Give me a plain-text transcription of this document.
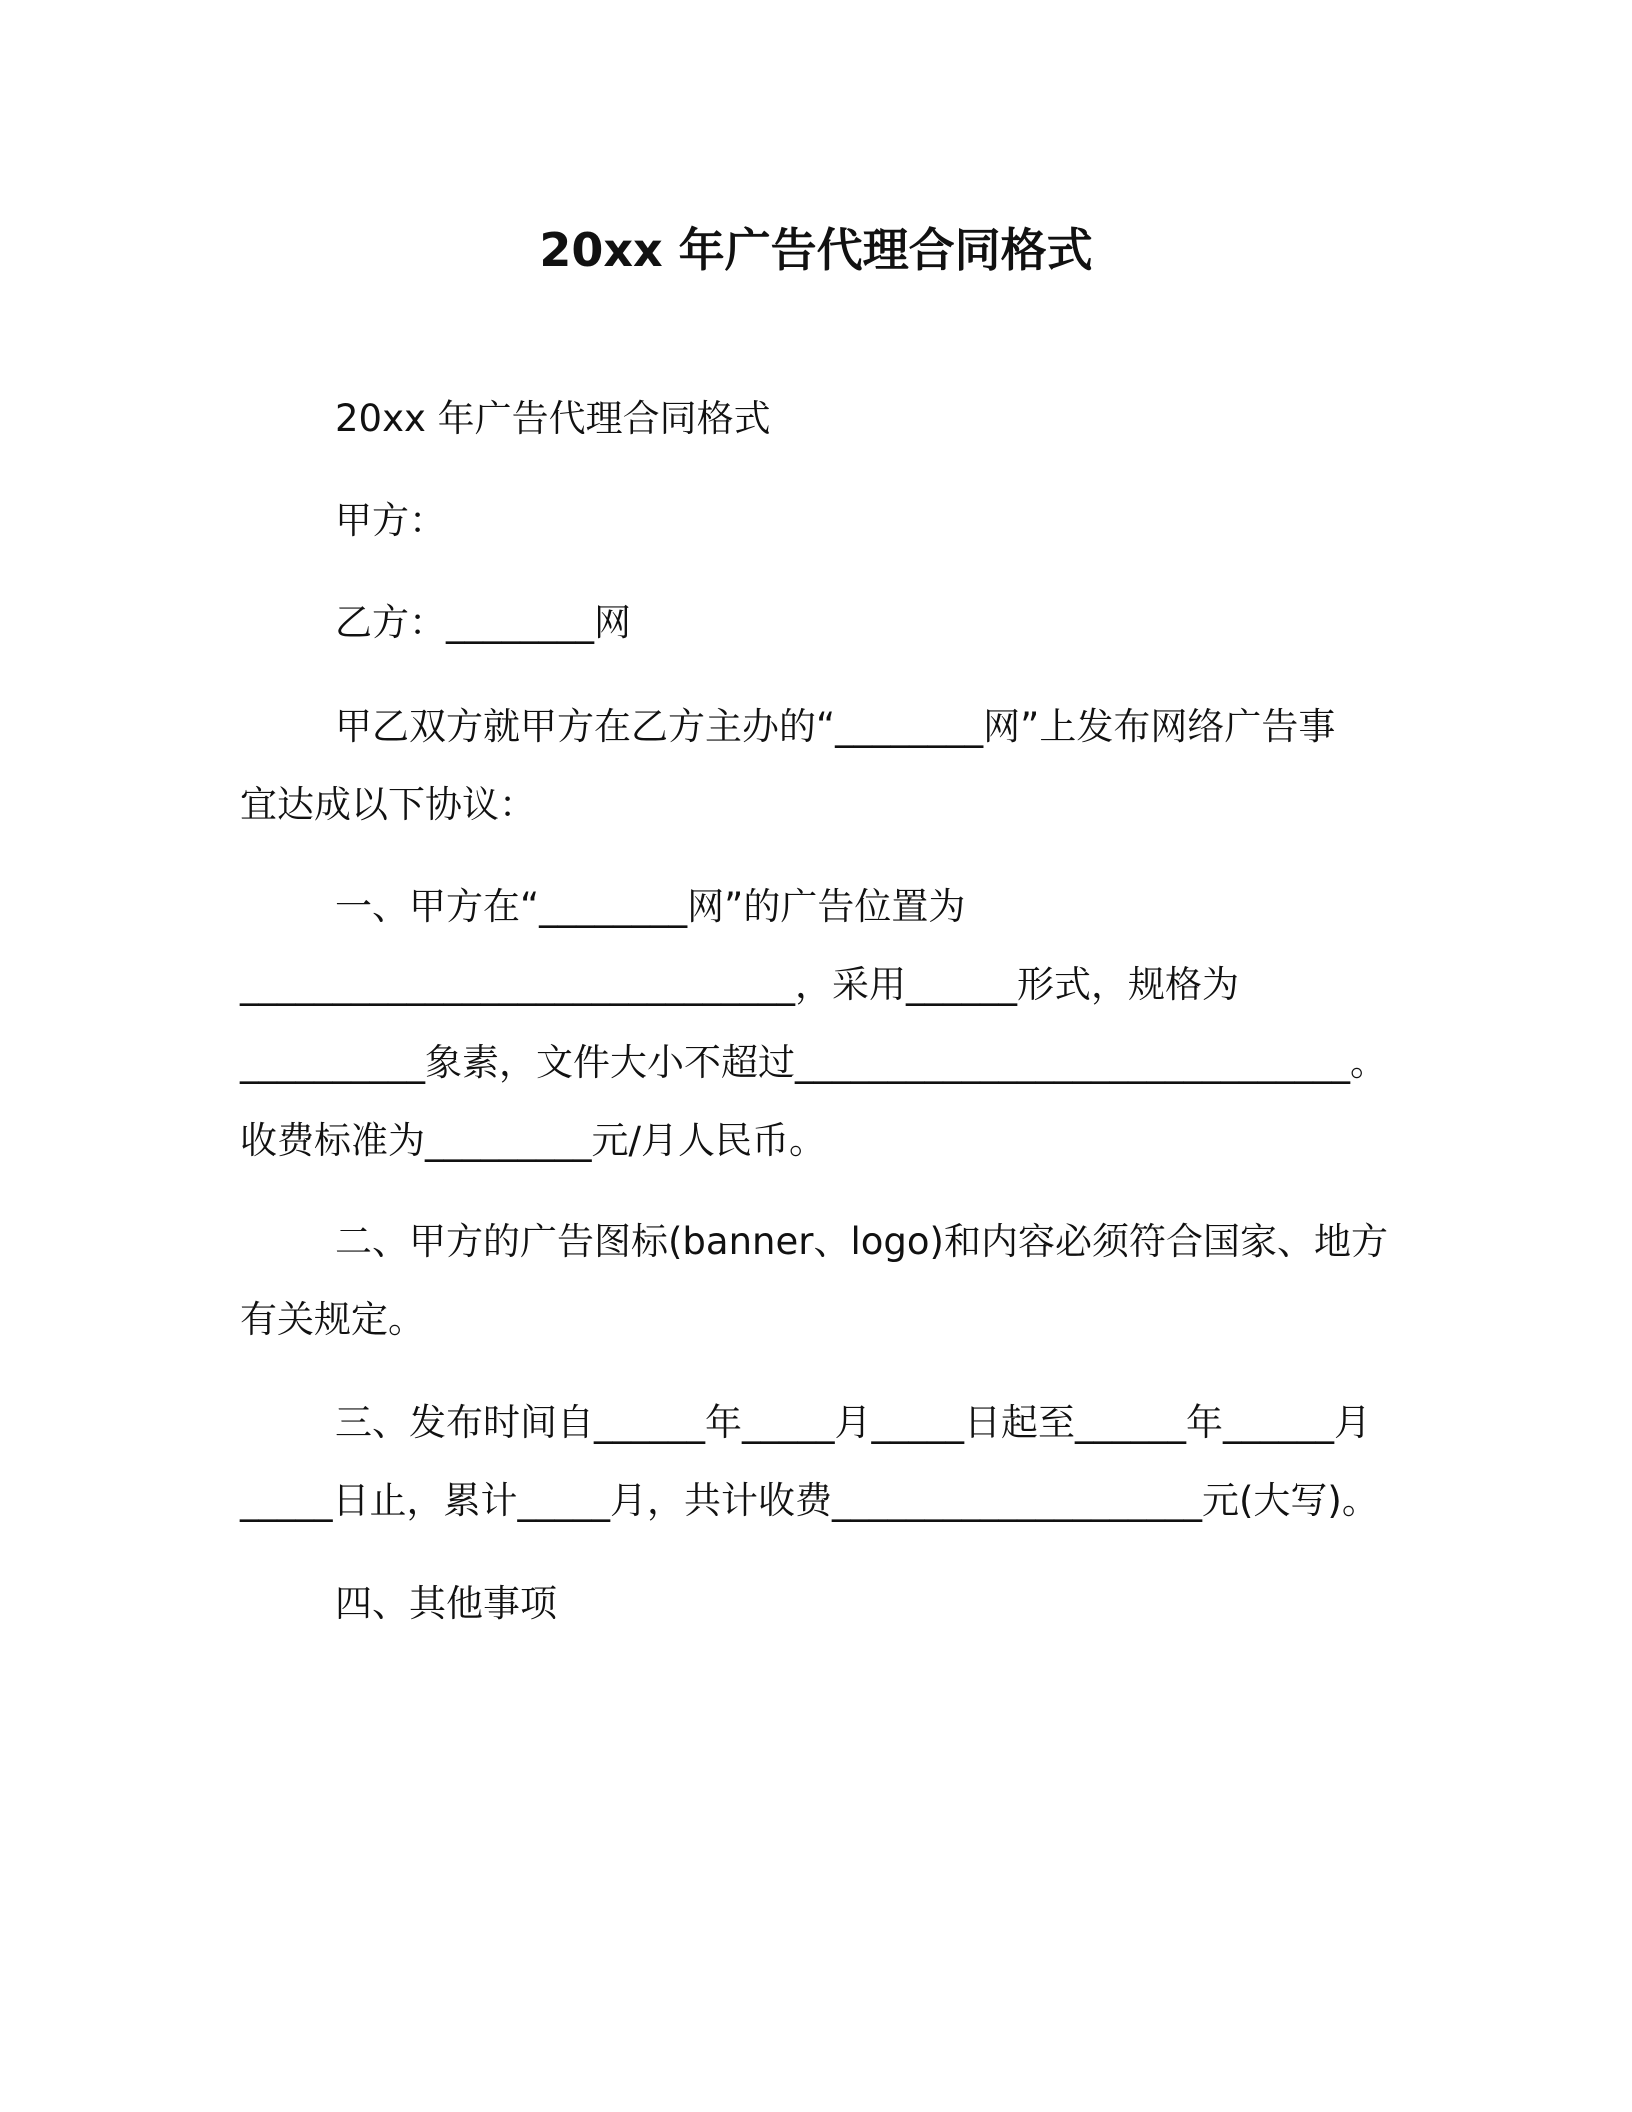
20xx 年广告代理合同格式
20xx 年广告代理合同格式
甲方：
乙方：________网
甲乙双方就甲方在乙方主办的“________网”上发布网络广告事
宜达成以下协议：
一、甲方在“________网”的广告位置为
______________________________，采用______形式，规格为
__________象素，文件大小不超过______________________________。
收费标准为_________元/月人民币。
二、甲方的广告图标(banner、logo)和内容必须符合国家、地方
有关规定。
三、发布时间自______年_____月_____日起至______年______月
_____日止，累计_____月，共计收费____________________元(大写)。
四、其他事项
